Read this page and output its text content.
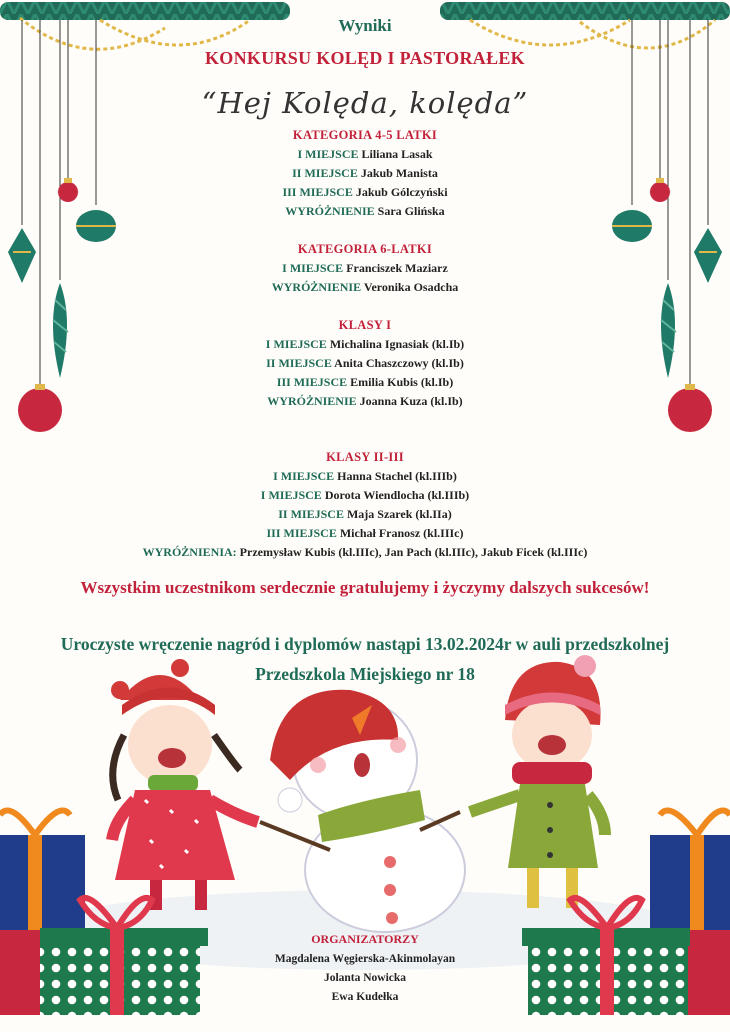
Wyniki
KONKURSU KOLĘD I PASTORAŁEK
“Hej Kolęda, kolęda”
KATEGORIA 4-5 LATKI
I MIEJSCE Liliana Lasak
II MIEJSCE Jakub Manista
III MIEJSCE Jakub Gólczyński
WYRÓŻNIENIE Sara Glińska
KATEGORIA 6-LATKI
I MIEJSCE Franciszek Maziarz
WYRÓŻNIENIE Veronika Osadcha
KLASY I
I MIEJSCE Michalina Ignasiak (kl.Ib)
II MIEJSCE Anita Chaszczowy (kl.Ib)
III MIEJSCE Emilia Kubis (kl.Ib)
WYRÓŻNIENIE Joanna Kuza (kl.Ib)
KLASY II-III
I MIEJSCE Hanna Stachel (kl.IIIb)
I MIEJSCE Dorota Wiendlocha (kl.IIIb)
II MIEJSCE Maja Szarek (kl.IIa)
III MIEJSCE Michał Franosz (kl.IIIc)
WYRÓŻNIENIA: Przemysław Kubis (kl.IIIc), Jan Pach (kl.IIIc), Jakub Ficek (kl.IIIc)
Wszystkim uczestnikom serdecznie gratulujemy i życzymy dalszych sukcesów!
Uroczyste wręczenie nagród i dyplomów nastąpi 13.02.2024r w auli przedszkolnej
Przedszkola Miejskiego nr 18
ORGANIZATORZY
Magdalena Węgierska-Akinmolayan
Jolanta Nowicka
Ewa Kudełka
